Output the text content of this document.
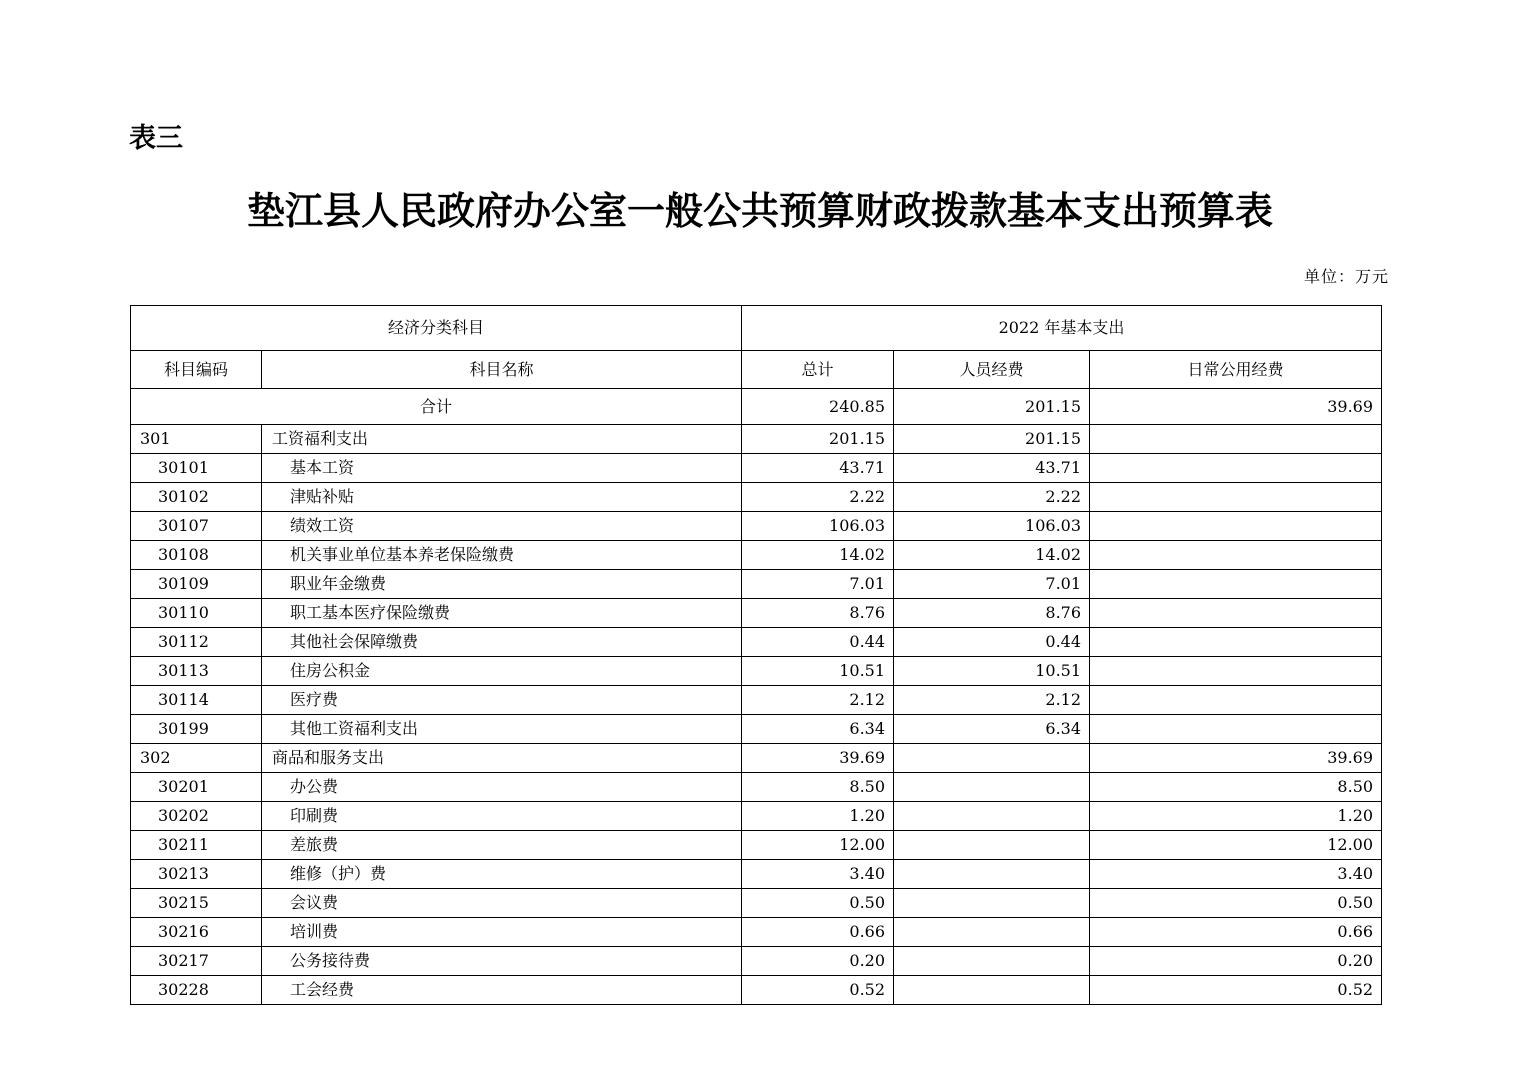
表三
垫江县人民政府办公室一般公共预算财政拨款基本支出预算表
单位：万元
经济分类科目		2022 年基本支出		
科目编码	科目名称	总计	人员经费	日常公用经费
合计		240.85	201.15	39.69
301	工资福利支出	201.15	201.15	
30101	基本工资	43.71	43.71	
30102	津贴补贴	2.22	2.22	
30107	绩效工资	106.03	106.03	
30108	机关事业单位基本养老保险缴费	14.02	14.02	
30109	职业年金缴费	7.01	7.01	
30110	职工基本医疗保险缴费	8.76	8.76	
30112	其他社会保障缴费	0.44	0.44	
30113	住房公积金	10.51	10.51	
30114	医疗费	2.12	2.12	
30199	其他工资福利支出	6.34	6.34	
302	商品和服务支出	39.69		39.69
30201	办公费	8.50		8.50
30202	印刷费	1.20		1.20
30211	差旅费	12.00		12.00
30213	维修（护）费	3.40		3.40
30215	会议费	0.50		0.50
30216	培训费	0.66		0.66
30217	公务接待费	0.20		0.20
30228	工会经费	0.52		0.52
